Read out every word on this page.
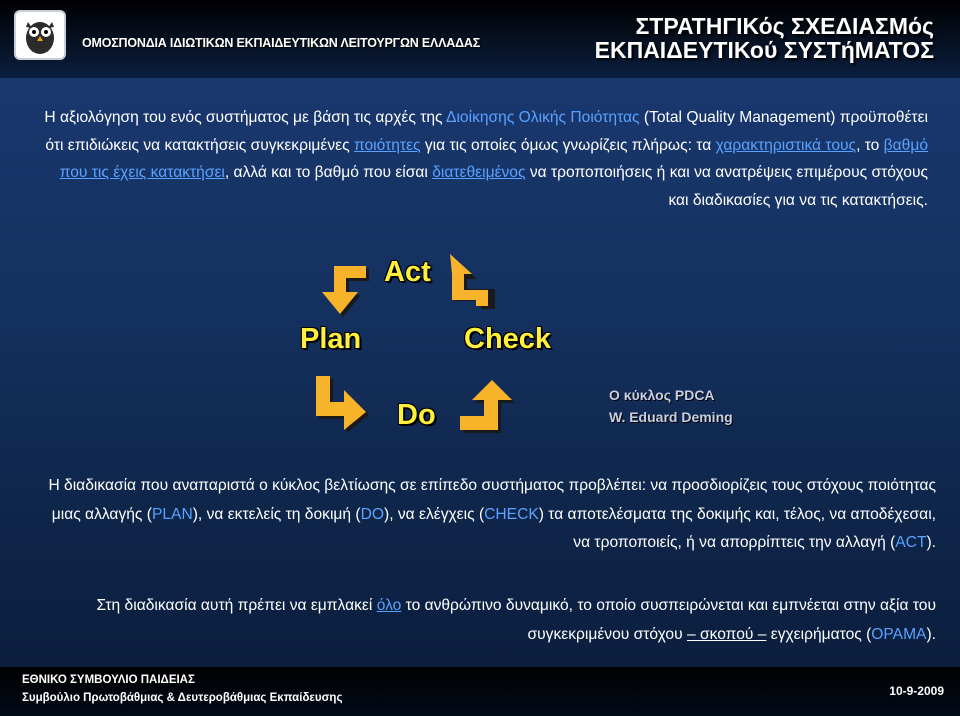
ΟΜΟΣΠΟΝΔΙΑ ΙΔΙΩΤΙΚΩΝ ΕΚΠΑΙΔΕΥΤΙΚΩΝ ΛΕΙΤΟΥΡΓΩΝ ΕΛΛΑΔΑΣ
ΣΤΡΑΤΗΓΙΚός ΣΧΕΔΙΑΣΜός
ΕΚΠΑΙΔΕΥΤΙΚού ΣΥΣΤήΜΑΤΟΣ
Η αξιολόγηση του ενός συστήματος με βάση τις αρχές της Διοίκησης Ολικής Ποιότητας (Total Quality Management) προϋποθέτει ότι επιδιώκεις να κατακτήσεις συγκεκριμένες ποιότητες για τις οποίες όμως γνωρίζεις πλήρως: τα χαρακτηριστικά τους, το βαθμό που τις έχεις κατακτήσει, αλλά και το βαθμό που είσαι διατεθειμένος να τροποποιήσεις ή και να ανατρέψεις επιμέρους στόχους και διαδικασίες για να τις κατακτήσεις.
Act
Plan	Check
Do
Ο κύκλος PDCA
W. Eduard Deming
Η διαδικασία που αναπαριστά ο κύκλος βελτίωσης σε επίπεδο συστήματος προβλέπει: να προσδιορίζεις τους στόχους ποιότητας μιας αλλαγής (PLAN), να εκτελείς τη δοκιμή (DO), να ελέγχεις (CHECK) τα αποτελέσματα της δοκιμής και, τέλος, να αποδέχεσαι, να τροποποιείς, ή να απορρίπτεις την αλλαγή (ACT).
Στη διαδικασία αυτή πρέπει να εμπλακεί όλο το ανθρώπινο δυναμικό, το οποίο συσπειρώνεται και εμπνέεται στην αξία του συγκεκριμένου στόχου – σκοπού – εγχειρήματος (ΟΡΑΜΑ).
ΕΘΝΙΚΟ ΣΥΜΒΟΥΛΙΟ ΠΑΙΔΕΙΑΣ
Συμβούλιο Πρωτοβάθμιας & Δευτεροβάθμιας Εκπαίδευσης	10-9-2009
